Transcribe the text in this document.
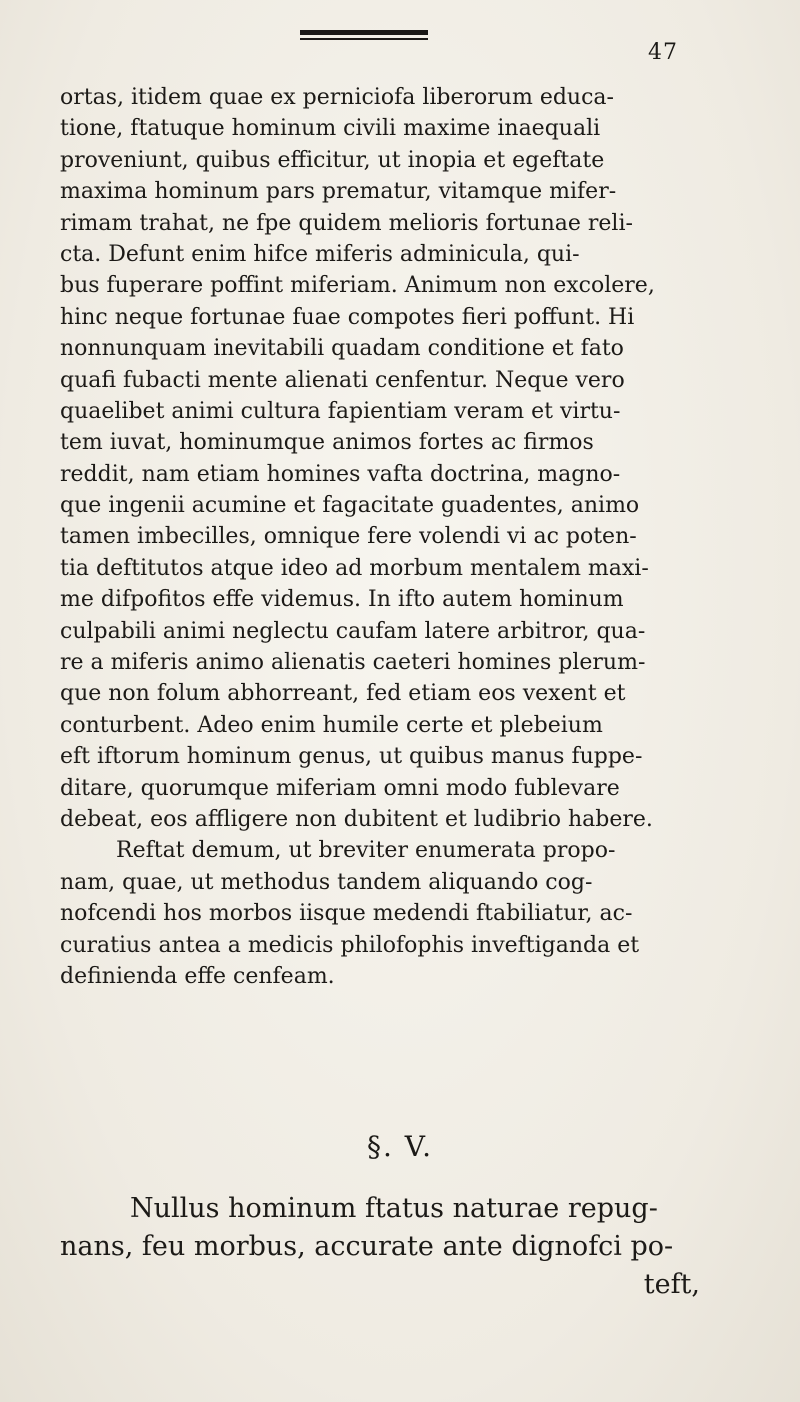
47
ortas, itidem quae ex perniciofa liberorum educa-
tione, ftatuque hominum civili maxime inaequali
proveniunt, quibus efficitur, ut inopia et egeftate
maxima hominum pars prematur, vitamque mifer-
rimam trahat, ne fpe quidem melioris fortunae reli-
cta. Defunt enim hifce miferis adminicula, qui-
bus fuperare poffint miferiam. Animum non excolere,
hinc neque fortunae fuae compotes fieri poffunt. Hi
nonnunquam inevitabili quadam conditione et fato
quafi fubacti mente alienati cenfentur. Neque vero
quaelibet animi cultura fapientiam veram et virtu-
tem iuvat, hominumque animos fortes ac firmos
reddit, nam etiam homines vafta doctrina, magno-
que ingenii acumine et fagacitate guadentes, animo
tamen imbecilles, omnique fere volendi vi ac poten-
tia deftitutos atque ideo ad morbum mentalem maxi-
me difpofitos effe videmus. In ifto autem hominum
culpabili animi neglectu caufam latere arbitror, qua-
re a miferis animo alienatis caeteri homines plerum-
que non folum abhorreant, fed etiam eos vexent et
conturbent. Adeo enim humile certe et plebeium
eft iftorum hominum genus, ut quibus manus fuppe-
ditare, quorumque miferiam omni modo fublevare
debeat, eos affligere non dubitent et ludibrio habere.
Reftat demum, ut breviter enumerata propo-
nam, quae, ut methodus tandem aliquando cog-
nofcendi hos morbos iisque medendi ftabiliatur, ac-
curatius antea a medicis philofophis inveftiganda et
definienda effe cenfeam.
§. V.
Nullus hominum ftatus naturae repug-
nans, feu morbus, accurate ante dignofci po-
teft,
